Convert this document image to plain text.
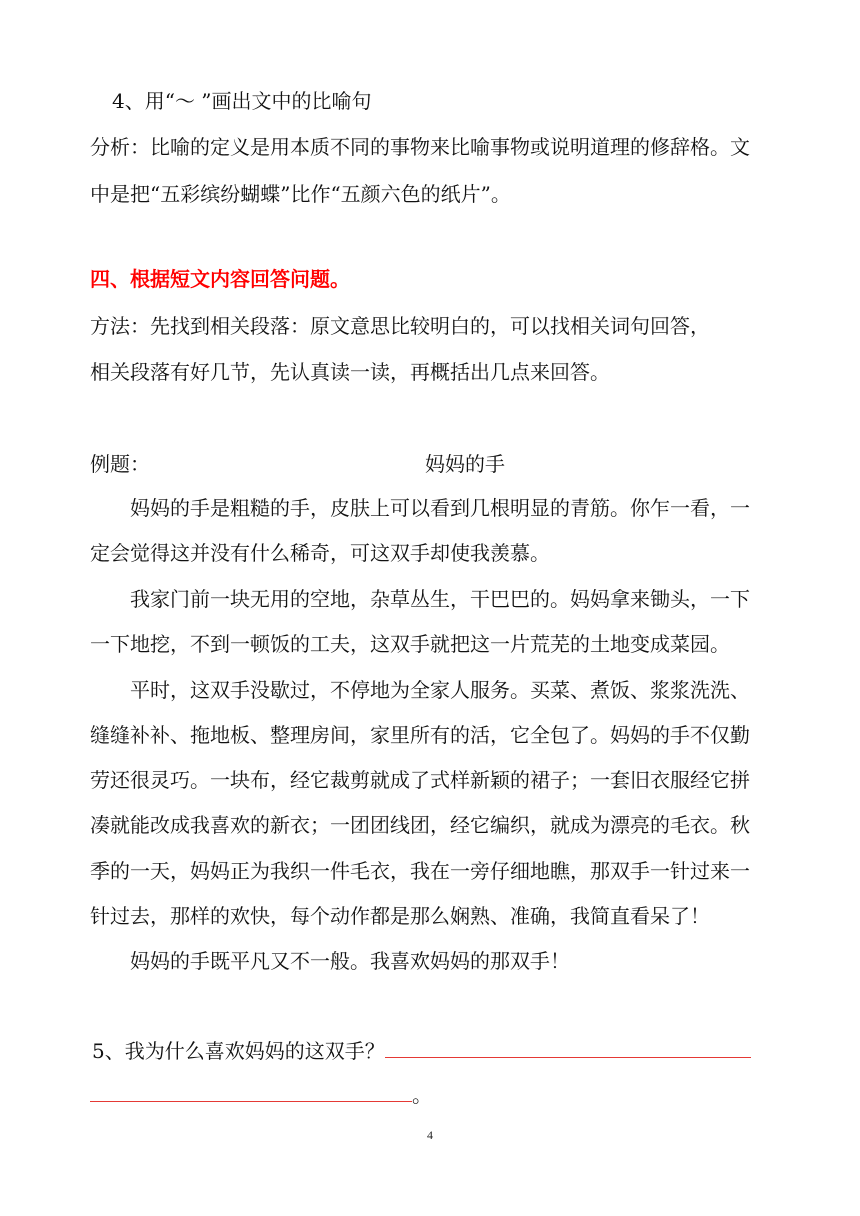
4、用“～ ”画出文中的比喻句
分析：比喻的定义是用本质不同的事物来比喻事物或说明道理的修辞格。文
中是把“五彩缤纷蝴蝶”比作“五颜六色的纸片”。
四、根据短文内容回答问题。
方法：先找到相关段落：原文意思比较明白的，可以找相关词句回答，
相关段落有好几节，先认真读一读，再概括出几点来回答。
例题：	妈妈的手
妈妈的手是粗糙的手，皮肤上可以看到几根明显的青筋。你乍一看，一
定会觉得这并没有什么稀奇，可这双手却使我羡慕。
我家门前一块无用的空地，杂草丛生，干巴巴的。妈妈拿来锄头，一下
一下地挖，不到一顿饭的工夫，这双手就把这一片荒芜的土地变成菜园。
平时，这双手没歇过，不停地为全家人服务。买菜、煮饭、浆浆洗洗、
缝缝补补、拖地板、整理房间，家里所有的活，它全包了。妈妈的手不仅勤
劳还很灵巧。一块布，经它裁剪就成了式样新颖的裙子；一套旧衣服经它拼
凑就能改成我喜欢的新衣；一团团线团，经它编织，就成为漂亮的毛衣。秋
季的一天，妈妈正为我织一件毛衣，我在一旁仔细地瞧，那双手一针过来一
针过去，那样的欢快，每个动作都是那么娴熟、准确，我简直看呆了！
妈妈的手既平凡又不一般。我喜欢妈妈的那双手！
5、我为什么喜欢妈妈的这双手？
。
4
